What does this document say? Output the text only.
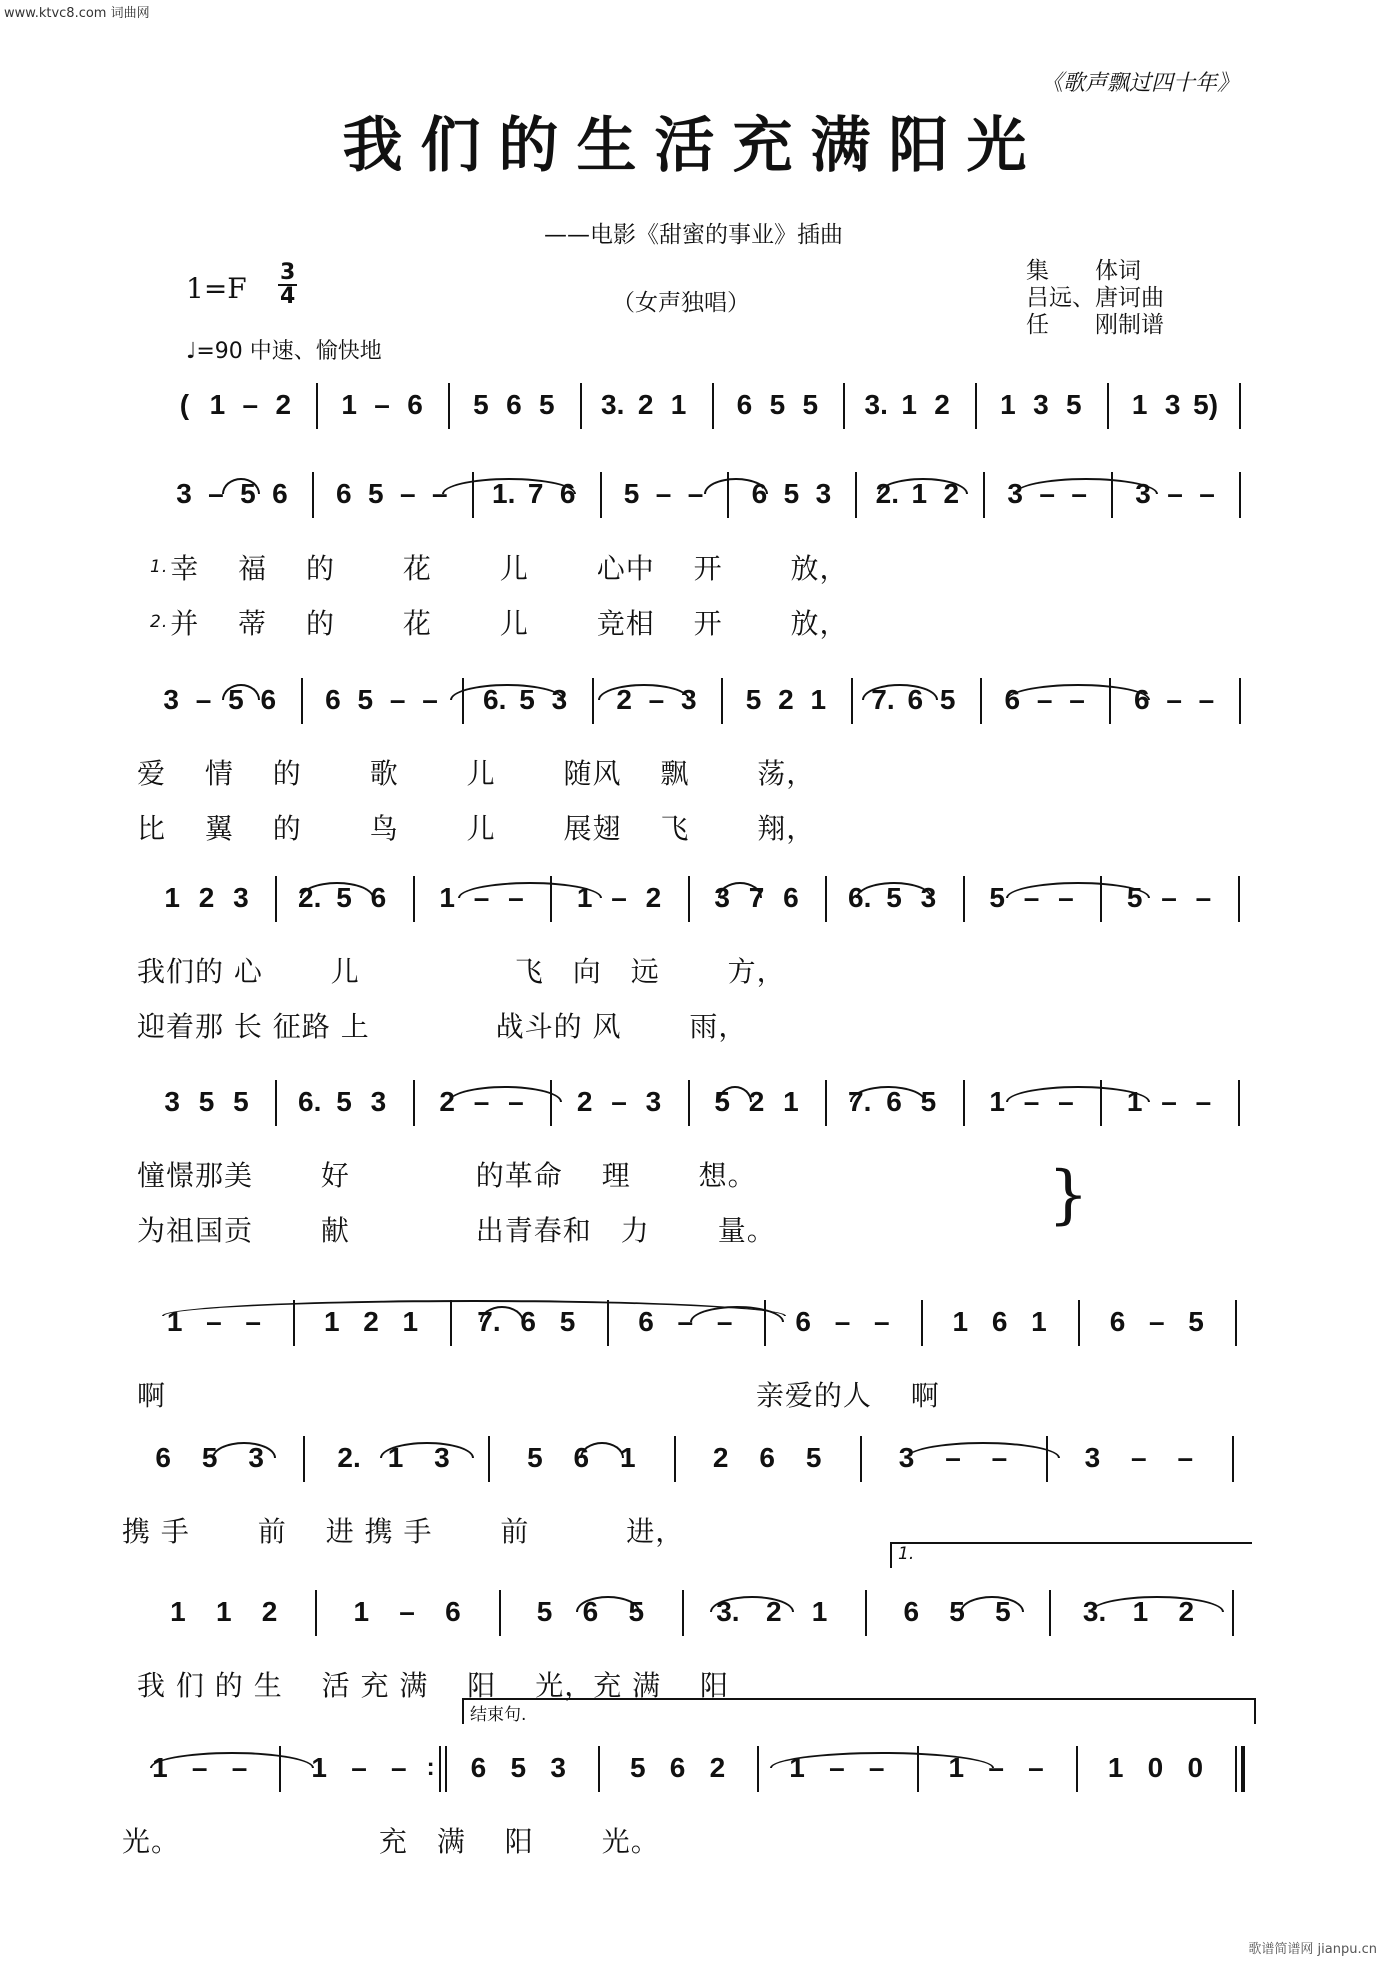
www.ktvc8.com 词曲网
《歌声飘过四十年》
我们的生活充满阳光
——电影《甜蜜的事业》插曲
1=F 3
4	（女声独唱）
集　　体词
吕远、唐诃曲
任　　刚制谱
♩=90 中速、愉快地
( 1 – 2 1 – 6 5 6 5 3. 2 1 6 5 5 3. 1 2 1 3 5 1 3 5)
3 – 5 6 6 5 – – 1. 7 6 5 – – 6 5 3 2. 1 2 3 – – 3 – –
$^{1.}$幸　 福　 的　　 花　　 儿　　 心中　 开　　 放，
$^{2.}$并　 蒂　 的　　 花　　 儿　　 竞相　 开　　 放，
3 – 5 6 6 5 – – 6. 5 3 2 – 3 5 2 1 7. 6 5 6 – – 6 – –
爱　 情　 的　　 歌　　 儿　　 随风　 飘　　 荡，
比　 翼　 的　　 鸟　　 儿　　 展翅　 飞　　 翔，
1 2 3 2. 5 6 1 – – 1 – 2 3 7 6 6. 5 3 5 – – 5 – –
我们的 心　　 儿　　　　　 飞　向　远　　 方，
迎着那 长 征路 上　　　　 战斗的 风　　 雨，
3 5 5 6. 5 3 2 – – 2 – 3 5 2 1 7. 6 5 1 – – 1 – –
憧憬那美　　 好　　　　 的革命　 理　　 想。
为祖国贡　　 献　　　　 出青春和　力　　 量。
1 – – 1 2 1 7. 6 5 6 – – 6 – – 1 6 1 6 – 5
啊　　　　　　　　　　　　　　　　　　　　 亲爱的人　 啊
6 5 3	2. 1 3	5 6 1	2 6 5	3 – –	3 – –
携 手　　 前　 进 携 手　　 前　　　 进，
1 1 2	1 – 6	5 6 5	3. 2 1	6 5 5	3. 1 2
我 们 的 生　 活 充 满　 阳　 光，充 满　 阳
1.
1 – – 1 – – : 6 5 3 5 6 2 1 – – 1 – – 1 0 0
光。　　　　　　　 充　满　 阳　　 光。
结束句.
}
歌谱简谱网 jianpu.cn
